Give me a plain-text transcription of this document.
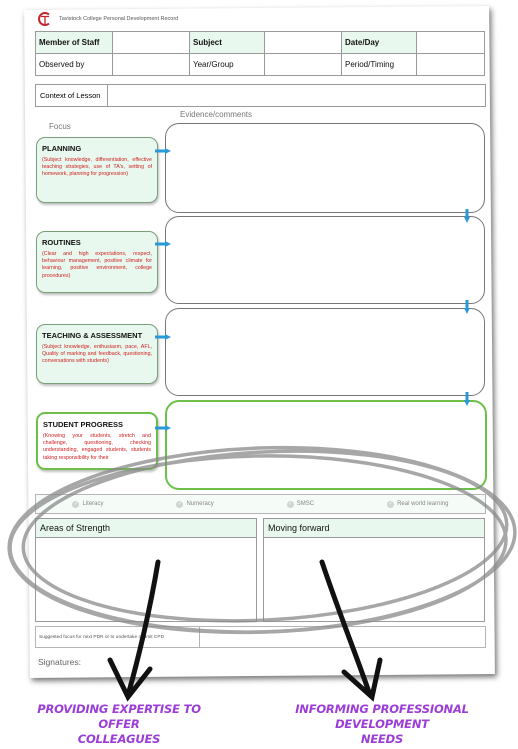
Tavistock College Personal Development Record
Member of Staff		Subject		Date/Day	
Observed by		Year/Group		Period/Timing	
Context of Lesson
Focus
Evidence/comments
PLANNING
(Subject knowledge, differentiation, effective teaching strategies, use of TA's, setting of homework, planning for progression)
ROUTINES
(Clear and high expectations, respect, behaviour management, positive climate for learning, positive environment, college procedures)
TEACHING & ASSESSMENT
(Subject knowledge, enthusiasm, pace, AFL, Quality of marking and feedback, questioning, conversations with students)
STUDENT PROGRESS
(Knowing your students, stretch and challenge, questioning, checking understanding, engaged students, students taking responsibility for their
✓ Literacy	✓ Numeracy	✓ SMSC	✓ Real world learning
Areas of Strength	Moving forward
Suggested focus for next PDR or to undertake or limit CPD
Signatures:
PROVIDING EXPERTISE TO OFFER
COLLEAGUES
INFORMING PROFESSIONAL DEVELOPMENT
NEEDS
